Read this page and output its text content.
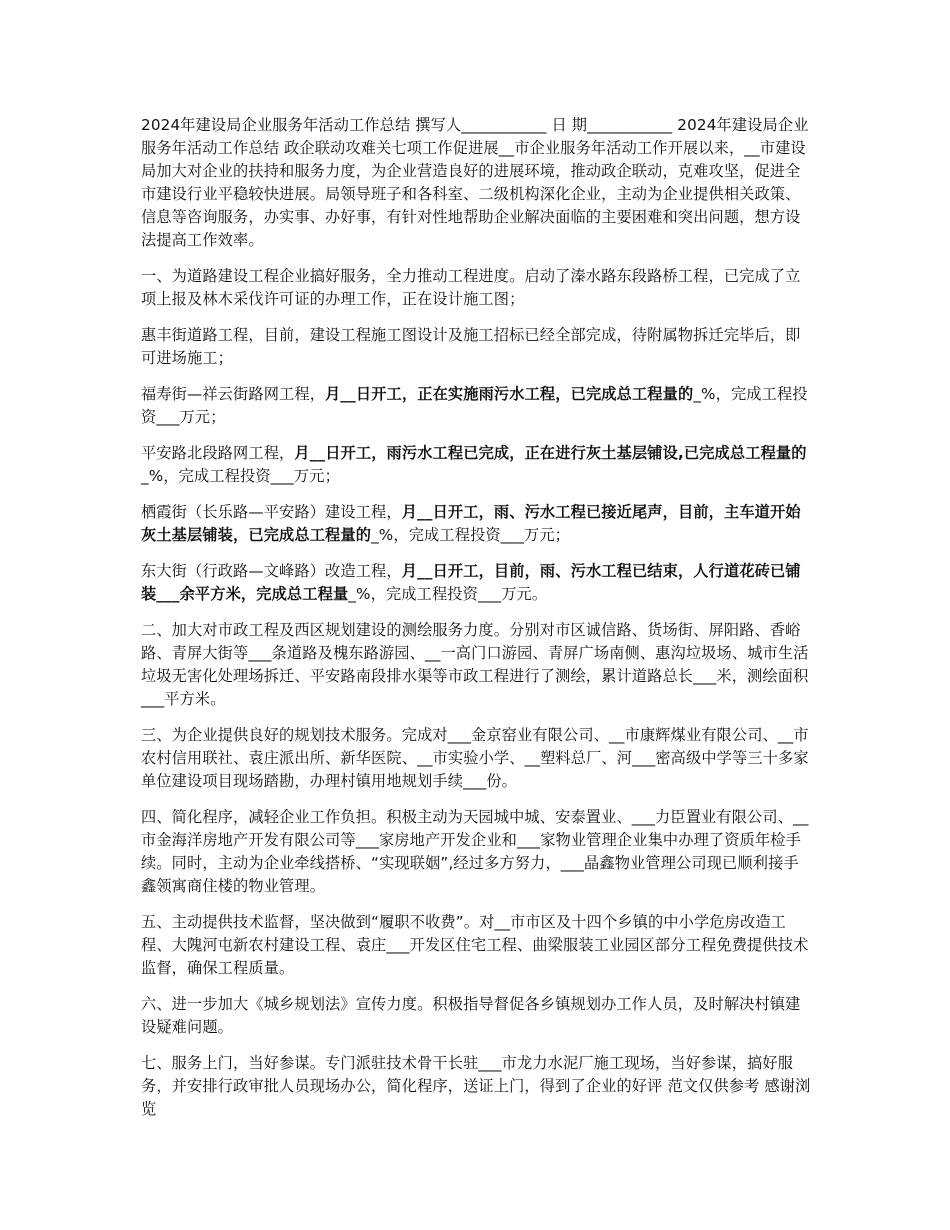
2024年建设局企业服务年活动工作总结 撰写人___________ 日 期___________ 2024年建设局企业服务年活动工作总结 政企联动攻难关七项工作促进展__市企业服务年活动工作开展以来，__市建设局加大对企业的扶持和服务力度，为企业营造良好的进展环境，推动政企联动，克难攻坚，促进全市建设行业平稳较快进展。局领导班子和各科室、二级机构深化企业，主动为企业提供相关政策、信息等咨询服务，办实事、办好事，有针对性地帮助企业解决面临的主要困难和突出问题，想方设法提高工作效率。

一、为道路建设工程企业搞好服务，全力推动工程进度。启动了溱水路东段路桥工程，已完成了立项上报及林木采伐许可证的办理工作，正在设计施工图；

惠丰街道路工程，目前，建设工程施工图设计及施工招标已经全部完成，待附属物拆迁完毕后，即可进场施工；

福寿街—祥云街路网工程，月__日开工，正在实施雨污水工程，已完成总工程量的_%，完成工程投资___万元；

平安路北段路网工程，月__日开工，雨污水工程已完成，正在进行灰土基层铺设,已完成总工程量的_%，完成工程投资___万元；

栖霞街（长乐路—平安路）建设工程，月__日开工，雨、污水工程已接近尾声，目前，主车道开始灰土基层铺装，已完成总工程量的_%，完成工程投资___万元；

东大街（行政路—文峰路）改造工程，月__日开工，目前，雨、污水工程已结束，人行道花砖已铺装___余平方米，完成总工程量_%，完成工程投资___万元。

二、加大对市政工程及西区规划建设的测绘服务力度。分别对市区诚信路、货场街、屏阳路、香峪路、青屏大街等___条道路及槐东路游园、__一高门口游园、青屏广场南侧、惠沟垃圾场、城市生活垃圾无害化处理场拆迁、平安路南段排水渠等市政工程进行了测绘，累计道路总长___米，测绘面积___平方米。

三、为企业提供良好的规划技术服务。完成对___金京窑业有限公司、__市康辉煤业有限公司、__市农村信用联社、袁庄派出所、新华医院、__市实验小学、__塑料总厂、河___密高级中学等三十多家单位建设项目现场踏勘，办理村镇用地规划手续___份。

四、简化程序，减轻企业工作负担。积极主动为天园城中城、安泰置业、___力臣置业有限公司、__市金海洋房地产开发有限公司等___家房地产开发企业和___家物业管理企业集中办理了资质年检手续。同时，主动为企业牵线搭桥、“实现联姻”,经过多方努力，___晶鑫物业管理公司现已顺利接手鑫领寓商住楼的物业管理。

五、主动提供技术监督，坚决做到“履职不收费”。对__市市区及十四个乡镇的中小学危房改造工程、大隗河屯新农村建设工程、袁庄___开发区住宅工程、曲梁服装工业园区部分工程免费提供技术监督，确保工程质量。

六、进一步加大《城乡规划法》宣传力度。积极指导督促各乡镇规划办工作人员，及时解决村镇建设疑难问题。

七、服务上门，当好参谋。专门派驻技术骨干长驻___市龙力水泥厂施工现场，当好参谋，搞好服务，并安排行政审批人员现场办公，简化程序，送证上门，得到了企业的好评 范文仅供参考 感谢浏览
